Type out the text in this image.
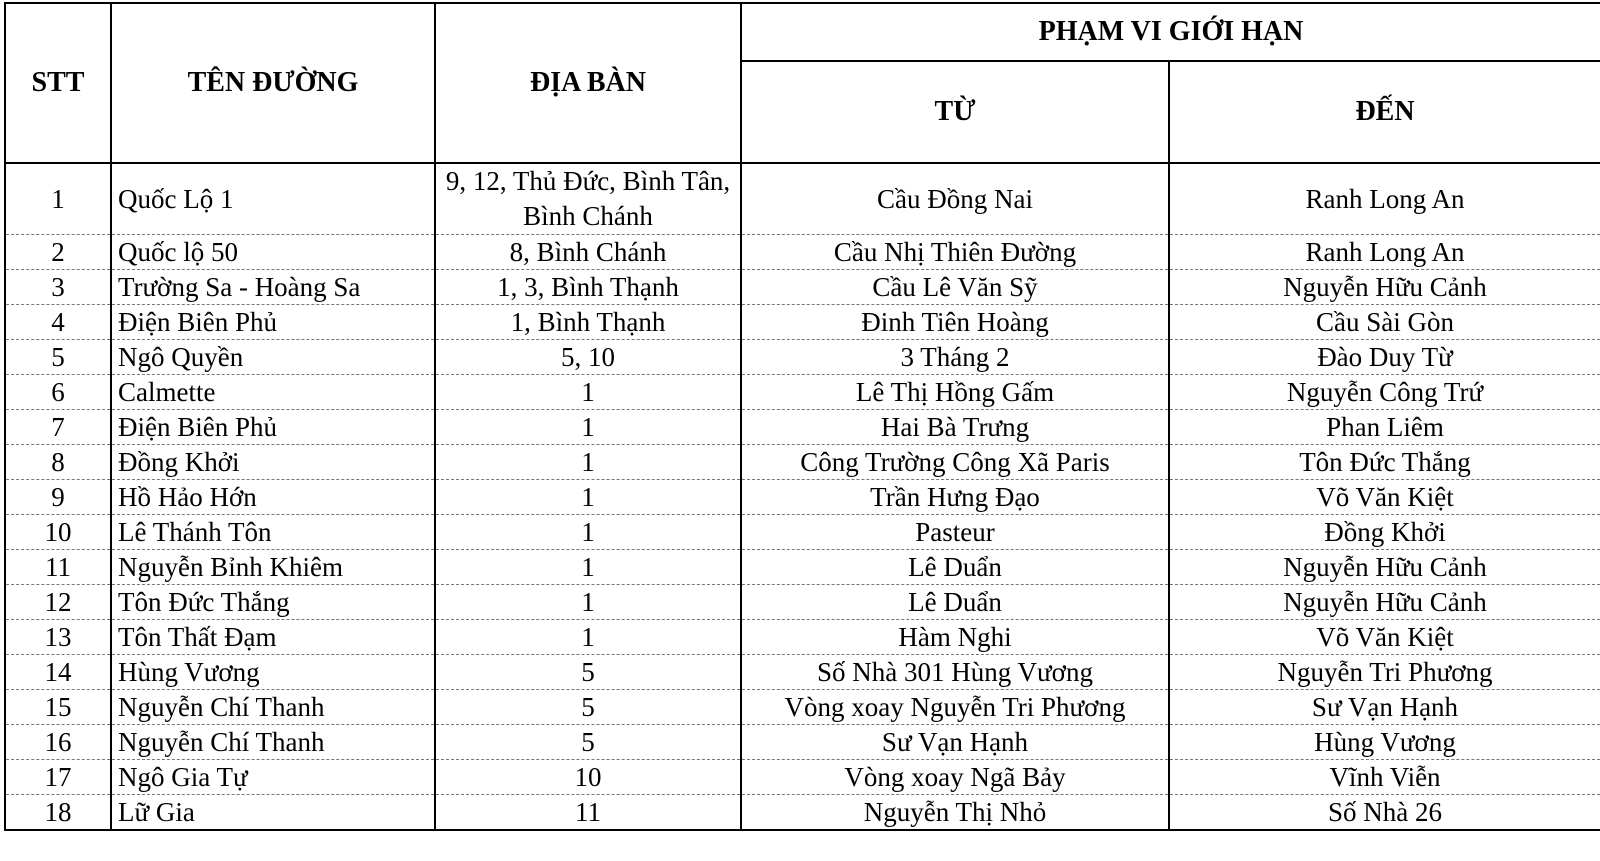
STT	TÊN ĐƯỜNG	ĐỊA BÀN	PHẠM VI GIỚI HẠN	
			TỪ	ĐẾN
1	Quốc Lộ 1	9, 12, Thủ Đức, Bình Tân, Bình Chánh	Cầu Đồng Nai	Ranh Long An
2	Quốc lộ 50	8, Bình Chánh	Cầu Nhị Thiên Đường	Ranh Long An
3	Trường Sa - Hoàng Sa	1, 3, Bình Thạnh	Cầu Lê Văn Sỹ	Nguyễn Hữu Cảnh
4	Điện Biên Phủ	1, Bình Thạnh	Đinh Tiên Hoàng	Cầu Sài Gòn
5	Ngô Quyền	5, 10	3 Tháng 2	Đào Duy Từ
6	Calmette	1	Lê Thị Hồng Gấm	Nguyễn Công Trứ
7	Điện Biên Phủ	1	Hai Bà Trưng	Phan Liêm
8	Đồng Khởi	1	Công Trường Công Xã Paris	Tôn Đức Thắng
9	Hồ Hảo Hớn	1	Trần Hưng Đạo	Võ Văn Kiệt
10	Lê Thánh Tôn	1	Pasteur	Đồng Khởi
11	Nguyễn Bỉnh Khiêm	1	Lê Duẩn	Nguyễn Hữu Cảnh
12	Tôn Đức Thắng	1	Lê Duẩn	Nguyễn Hữu Cảnh
13	Tôn Thất Đạm	1	Hàm Nghi	Võ Văn Kiệt
14	Hùng Vương	5	Số Nhà 301 Hùng Vương	Nguyễn Tri Phương
15	Nguyễn Chí Thanh	5	Vòng xoay Nguyễn Tri Phương	Sư Vạn Hạnh
16	Nguyễn Chí Thanh	5	Sư Vạn Hạnh	Hùng Vương
17	Ngô Gia Tự	10	Vòng xoay Ngã Bảy	Vĩnh Viễn
18	Lữ Gia	11	Nguyễn Thị Nhỏ	Số Nhà 26
